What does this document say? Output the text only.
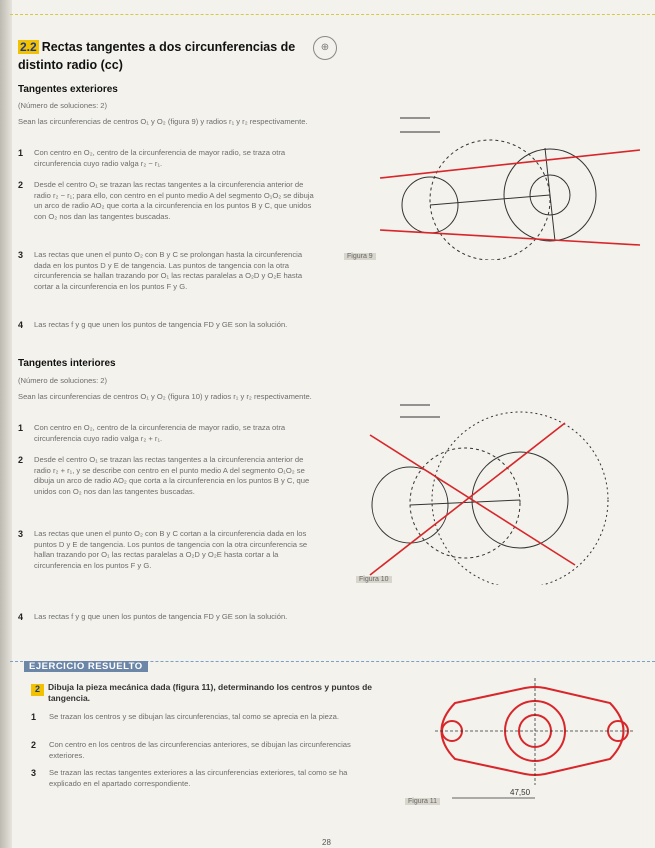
2.2 Rectas tangentes a dos circunferencias de distinto radio (cc)
⊕
Tangentes exteriores
(Número de soluciones: 2)
Sean las circunferencias de centros O₁ y O₂ (figura 9) y radios r₁ y r₂ respectivamente.
1 Con centro en O₂, centro de la circunferencia de mayor radio, se traza otra circunferencia cuyo radio valga r₂ − r₁.
2 Desde el centro O₁ se trazan las rectas tangentes a la circunferencia anterior de radio r₂ − r₁; para ello, con centro en el punto medio A del segmento O₁O₂ se dibuja un arco de radio AO₂ que corta a la circunferencia en los puntos B y C, que unidos con O₂ nos dan las tangentes buscadas.
3 Las rectas que unen el punto O₂ con B y C se prolongan hasta la circunferencia dada en los puntos D y E de tangencia. Las puntos de tangencia con la otra circunferencia se hallan trazando por O₁ las rectas paralelas a O₂D y O₂E hasta cortar a la circunferencia en los puntos F y G.
4 Las rectas f y g que unen los puntos de tangencia FD y GE son la solución.
Tangentes interiores
(Número de soluciones: 2)
Sean las circunferencias de centros O₁ y O₂ (figura 10) y radios r₁ y r₂ respectivamente.
1 Con centro en O₂, centro de la circunferencia de mayor radio, se traza otra circunferencia cuyo radio valga r₂ + r₁.
2 Desde el centro O₁ se trazan las rectas tangentes a la circunferencia anterior de radio r₂ + r₁, y se describe con centro en el punto medio A del segmento O₁O₂ se dibuja un arco de radio AO₂ que corta a la circunferencia en los puntos B y C, que unidos con O₂ nos dan las tangentes buscadas.
3 Las rectas que unen el punto O₂ con B y C cortan a la circunferencia dada en los puntos D y E de tangencia. Los puntos de tangencia con la otra circunferencia se hallan trazando por O₁ las rectas paralelas a O₂D y O₂E hasta cortar a la circunferencia en los puntos F y G.
4 Las rectas f y g que unen los puntos de tangencia FD y GE son la solución.
Figura 9
Figura 10
EJERCICIO RESUELTO
2 Dibuja la pieza mecánica dada (figura 11), determinando los centros y puntos de tangencia.
1 Se trazan los centros y se dibujan las circunferencias, tal como se aprecia en la pieza.
2 Con centro en los centros de las circunferencias anteriores, se dibujan las circunferencias exteriores.
3 Se trazan las rectas tangentes exteriores a las circunferencias exteriores, tal como se ha explicado en el apartado correspondiente.
47,50
Figura 11
28
